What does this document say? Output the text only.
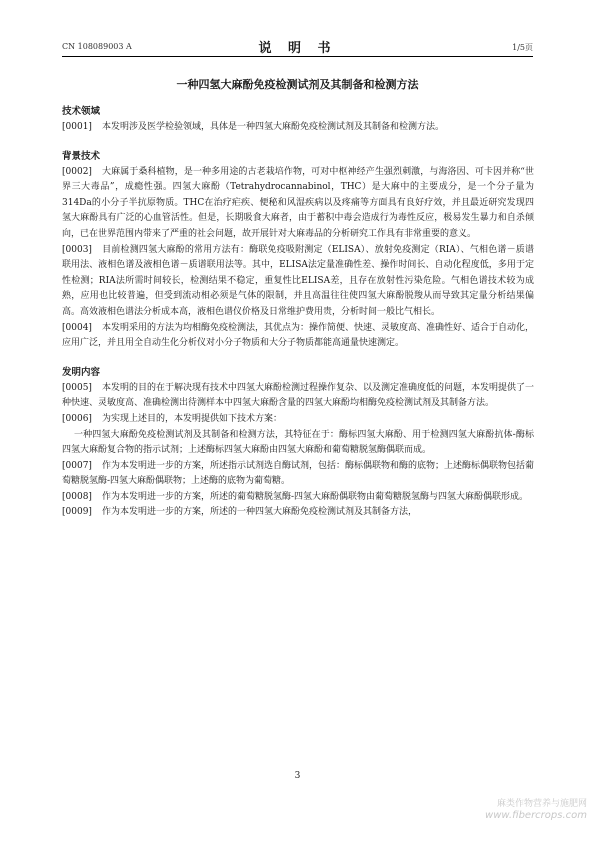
CN 108089003 A	说 明 书	1/5页
一种四氢大麻酚免疫检测试剂及其制备和检测方法

技术领域

[0001] 本发明涉及医学检验领域，具体是一种四氢大麻酚免疫检测试剂及其制备和检测方法。

背景技术

[0002] 大麻属于桑科植物，是一种多用途的古老栽培作物，可对中枢神经产生强烈刺激，与海洛因、可卡因并称“世界三大毒品”，成瘾性强。四氢大麻酚（Tetrahydrocannabinol，THC）是大麻中的主要成分，是一个分子量为314Da的小分子半抗原物质。THC在治疗疟疾、便秘和风湿疾病以及疼痛等方面具有良好疗效，并且最近研究发现四氢大麻酚具有广泛的心血管活性。但是，长期吸食大麻者，由于蓄积中毒会造成行为毒性反应，极易发生暴力和自杀倾向，已在世界范围内带来了严重的社会问题，故开展针对大麻毒品的分析研究工作具有非常重要的意义。

[0003] 目前检测四氢大麻酚的常用方法有：酶联免疫吸附测定（ELISA）、放射免疫测定（RIA）、气相色谱－质谱联用法、液相色谱及液相色谱－质谱联用法等。其中，ELISA法定量准确性差、操作时间长、自动化程度低，多用于定性检测；RIA法所需时间较长，检测结果不稳定，重复性比ELISA差，且存在放射性污染危险。气相色谱技术较为成熟，应用也比较普遍，但受到流动相必须是气体的限制，并且高温往往使四氢大麻酚脱羧从而导致其定量分析结果偏高。高效液相色谱法分析成本高，液相色谱仪价格及日常维护费用贵，分析时间一般比气相长。

[0004] 本发明采用的方法为均相酶免疫检测法，其优点为：操作简便、快速、灵敏度高、准确性好、适合于自动化，应用广泛，并且用全自动生化分析仪对小分子物质和大分子物质都能高通量快速测定。

发明内容

[0005] 本发明的目的在于解决现有技术中四氢大麻酚检测过程操作复杂、以及测定准确度低的问题，本发明提供了一种快速、灵敏度高、准确检测出待测样本中四氢大麻酚含量的四氢大麻酚均相酶免疫检测试剂及其制备方法。

[0006] 为实现上述目的，本发明提供如下技术方案：

一种四氢大麻酚免疫检测试剂及其制备和检测方法，其特征在于：酶标四氢大麻酚、用于检测四氢大麻酚抗体-酶标四氢大麻酚复合物的指示试剂；上述酶标四氢大麻酚由四氢大麻酚和葡萄糖脱氢酶偶联而成。

[0007] 作为本发明进一步的方案，所述指示试剂选自酶试剂，包括：酶标偶联物和酶的底物；上述酶标偶联物包括葡萄糖脱氢酶-四氢大麻酚偶联物；上述酶的底物为葡萄糖。

[0008] 作为本发明进一步的方案，所述的葡萄糖脱氢酶-四氢大麻酚偶联物由葡萄糖脱氢酶与四氢大麻酚偶联形成。

[0009] 作为本发明进一步的方案，所述的一种四氢大麻酚免疫检测试剂及其制备方法，

3
麻类作物营养与施肥网
www.fibercrops.com
